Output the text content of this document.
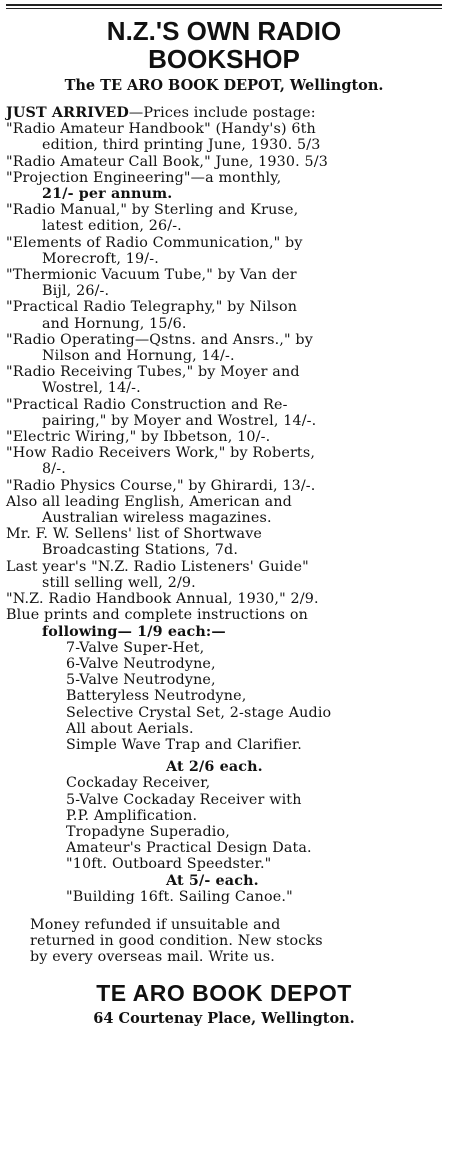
N.Z.'S OWN RADIO
BOOKSHOP
The TE ARO BOOK DEPOT, Wellington.
JUST ARRIVED—Prices include postage:
"Radio Amateur Handbook" (Handy's) 6th
edition, third printing June, 1930. 5/3
"Radio Amateur Call Book," June, 1930. 5/3
"Projection Engineering"—a monthly,
21/- per annum.
"Radio Manual," by Sterling and Kruse,
latest edition, 26/-.
"Elements of Radio Communication," by
Morecroft, 19/-.
"Thermionic Vacuum Tube," by Van der
Bijl, 26/-.
"Practical Radio Telegraphy," by Nilson
and Hornung, 15/6.
"Radio Operating—Qstns. and Ansrs.," by
Nilson and Hornung, 14/-.
"Radio Receiving Tubes," by Moyer and
Wostrel, 14/-.
"Practical Radio Construction and Re-
pairing," by Moyer and Wostrel, 14/-.
"Electric Wiring," by Ibbetson, 10/-.
"How Radio Receivers Work," by Roberts,
8/-.
"Radio Physics Course," by Ghirardi, 13/-.
Also all leading English, American and
Australian wireless magazines.
Mr. F. W. Sellens' list of Shortwave
Broadcasting Stations, 7d.
Last year's "N.Z. Radio Listeners' Guide"
still selling well, 2/9.
"N.Z. Radio Handbook Annual, 1930," 2/9.
Blue prints and complete instructions on
following— 1/9 each:—
7-Valve Super-Het,
6-Valve Neutrodyne,
5-Valve Neutrodyne,
Batteryless Neutrodyne,
Selective Crystal Set, 2-stage Audio
All about Aerials.
Simple Wave Trap and Clarifier.
At 2/6 each.
Cockaday Receiver,
5-Valve Cockaday Receiver with
P.P. Amplification.
Tropadyne Superadio,
Amateur's Practical Design Data.
"10ft. Outboard Speedster."
At 5/- each.
"Building 16ft. Sailing Canoe."
Money refunded if unsuitable and
returned in good condition. New stocks
by every overseas mail. Write us.
TE ARO BOOK DEPOT
64 Courtenay Place, Wellington.
